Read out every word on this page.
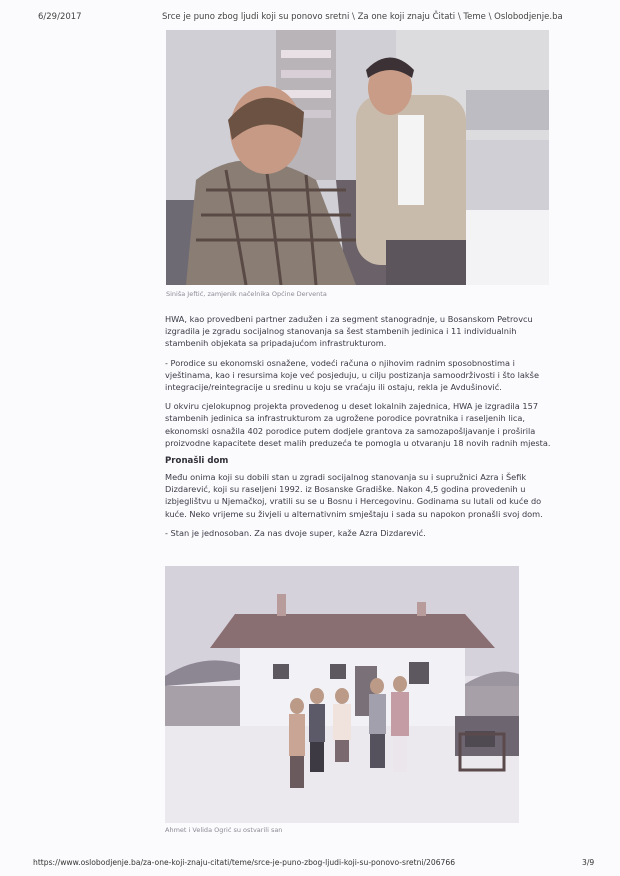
6/29/2017	Srce je puno zbog ljudi koji su ponovo sretni \ Za one koji znaju Čitati \ Teme \ Oslobodjenje.ba
Siniša Jeftić, zamjenik načelnika Općine Derventa

HWA, kao provedbeni partner zadužen i za segment stanogradnje, u Bosanskom Petrovcu izgradila je zgradu socijalnog stanovanja sa šest stambenih jedinica i 11 individualnih stambenih objekata sa pripadajućom infrastrukturom.

- Porodice su ekonomski osnažene, vodeći računa o njihovim radnim sposobnostima i vještinama, kao i resursima koje već posjeduju, u cilju postizanja samoodrživosti i što lakše integracije/reintegracije u sredinu u koju se vraćaju ili ostaju, rekla je Avdušinović.

U okviru cjelokupnog projekta provedenog u deset lokalnih zajednica, HWA je izgradila 157 stambenih jedinica sa infrastrukturom za ugrožene porodice povratnika i raseljenih lica, ekonomski osnažila 402 porodice putem dodjele grantova za samozapošljavanje i proširila proizvodne kapacitete deset malih preduzeća te pomogla u otvaranju 18 novih radnih mjesta.

Pronašli dom

Među onima koji su dobili stan u zgradi socijalnog stanovanja su i supružnici Azra i Šefik Dizdarević, koji su raseljeni 1992. iz Bosanske Gradiške. Nakon 4,5 godina provedenih u izbjeglištvu u Njemačkoj, vratili su se u Bosnu i Hercegovinu. Godinama su lutali od kuće do kuće. Neko vrijeme su živjeli u alternativnim smještaju i sada su napokon pronašli svoj dom.

- Stan je jednosoban. Za nas dvoje super, kaže Azra Dizdarević.

Ahmet i Velida Ogrić su ostvarili san
https://www.oslobodjenje.ba/za-one-koji-znaju-citati/teme/srce-je-puno-zbog-ljudi-koji-su-ponovo-sretni/206766	3/9
